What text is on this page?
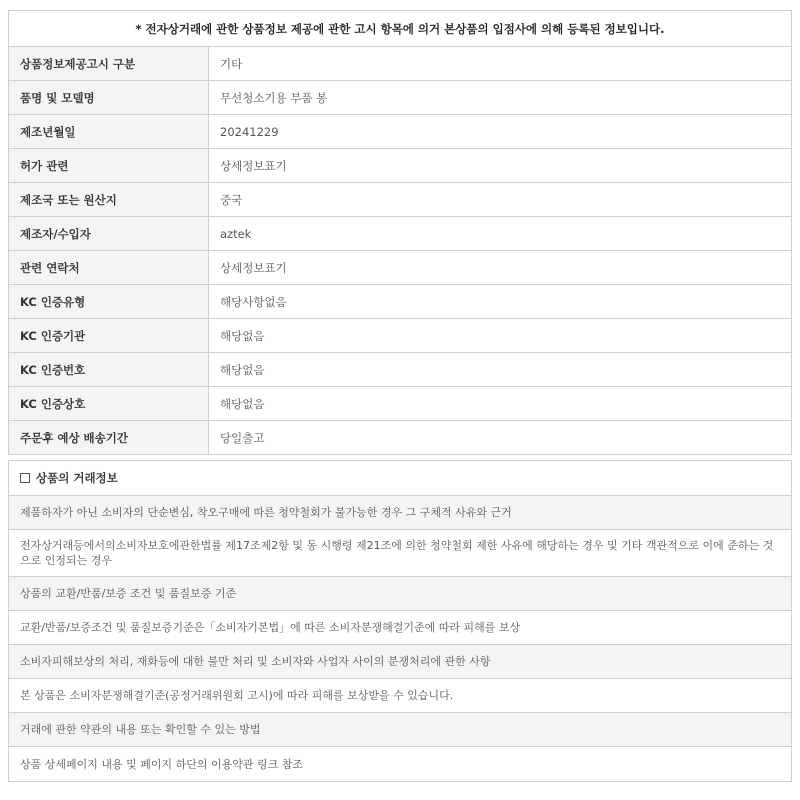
* 전자상거래에 관한 상품정보 제공에 관한 고시 항목에 의거 본상품의 입점사에 의해 등록된 정보입니다.
상품정보제공고시 구분	기타
품명 및 모델명	무선청소기용 부품 봉
제조년월일	20241229
허가 관련	상세정보표기
제조국 또는 원산지	중국
제조자/수입자	aztek
관련 연락처	상세정보표기
KC 인증유형	해당사항없음
KC 인증기관	해당없음
KC 인증번호	해당없음
KC 인증상호	해당없음
주문후 예상 배송기간	당일출고
상품의 거래정보
제품하자가 아닌 소비자의 단순변심, 착오구매에 따른 청약철회가 불가능한 경우 그 구체적 사유와 근거
전자상거래등에서의소비자보호에관한법률 제17조제2항 및 동 시행령 제21조에 의한 청약철회 제한 사유에 해당하는 경우 및 기타 객관적으로 이에 준하는 것으로 인정되는 경우
상품의 교환/반품/보증 조건 및 품질보증 기준
교환/반품/보증조건 및 품질보증기준은「소비자기본법」에 따른 소비자분쟁해결기준에 따라 피해를 보상
소비자피해보상의 처리, 재화등에 대한 불만 처리 및 소비자와 사업자 사이의 분쟁처리에 관한 사항
본 상품은 소비자분쟁해결기준(공정거래위원회 고시)에 따라 피해를 보상받을 수 있습니다.
거래에 관한 약관의 내용 또는 확인할 수 있는 방법
상품 상세페이지 내용 및 페이지 하단의 이용약관 링크 참조
